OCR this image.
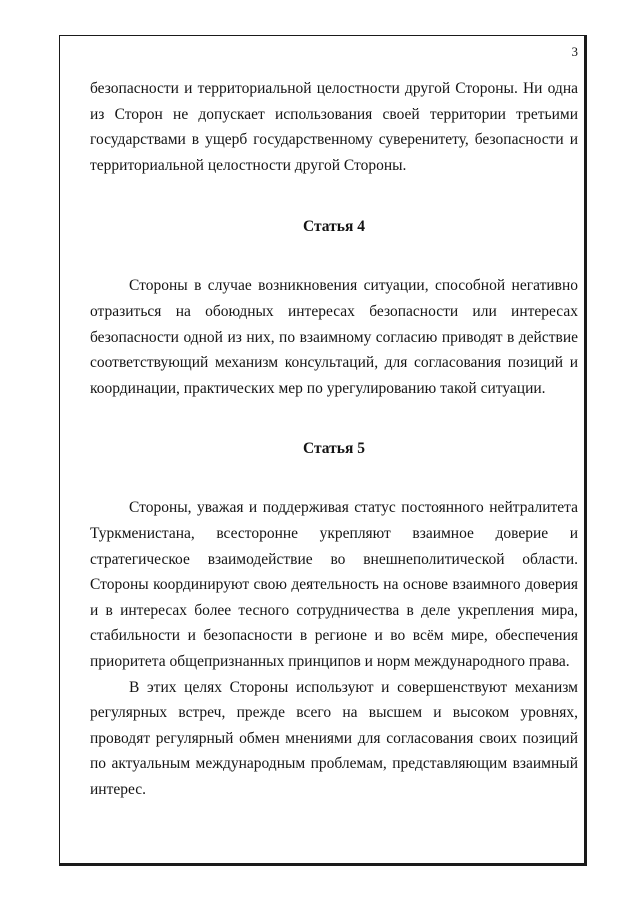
3

безопасности и территориальной целостности другой Стороны. Ни одна из Сторон не допускает использования своей территории третьими государствами в ущерб государственному суверенитету, безопасности и территориальной целостности другой Стороны.

Статья 4

Стороны в случае возникновения ситуации, способной негативно отразиться на обоюдных интересах безопасности или интересах безопасности одной из них, по взаимному согласию приводят в действие соответствующий механизм консультаций, для согласования позиций и координации, практических мер по урегулированию такой ситуации.

Статья 5

Стороны, уважая и поддерживая статус постоянного нейтралитета Туркменистана, всесторонне укрепляют взаимное доверие и стратегическое взаимодействие во внешнеполитической области. Стороны координируют свою деятельность на основе взаимного доверия и в интересах более тесного сотрудничества в деле укрепления мира, стабильности и безопасности в регионе и во всём мире, обеспечения приоритета общепризнанных принципов и норм международного права.

В этих целях Стороны используют и совершенствуют механизм регулярных встреч, прежде всего на высшем и высоком уровнях, проводят регулярный обмен мнениями для согласования своих позиций по актуальным международным проблемам, представляющим взаимный интерес.
